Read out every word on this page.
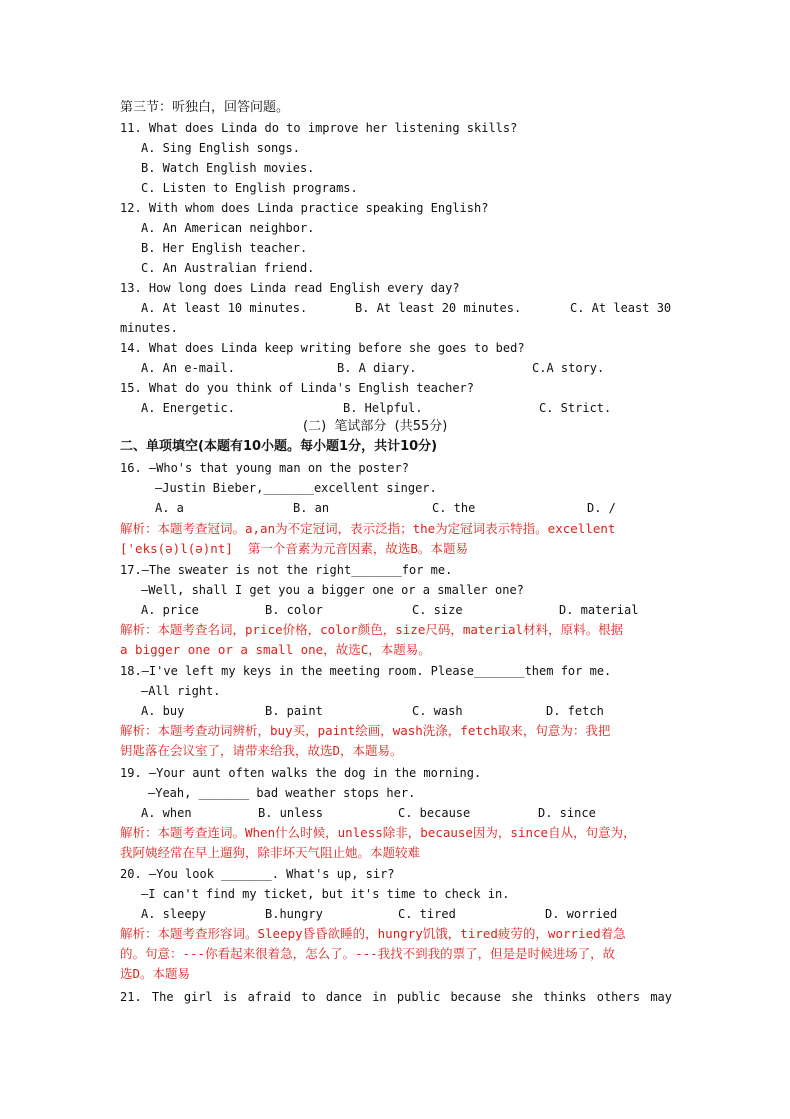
第三节：听独白，回答问题。
11. What does Linda do to improve her listening skills?
A. Sing English songs.
B. Watch English movies.
C. Listen to English programs.
12. With whom does Linda practice speaking English?
A. An American neighbor.
B. Her English teacher.
C. An Australian friend.
13. How long does Linda read English every day?
A. At least 10 minutes.	B. At least 20 minutes.	C. At least 30
minutes.
14. What does Linda keep writing before she goes to bed?
A. An e-mail.	B. A diary.	C.A story.
15. What do you think of Linda's English teacher?
A. Energetic.	B. Helpful.	C. Strict.
(二)  笔试部分  (共55分)
二、单项填空(本题有10小题。每小题1分，共计10分)
16. —Who's that young man on the poster?
—Justin Bieber,_______excellent singer.
A. a	B. an	C. the	D. /
解析：本题考查冠词。a,an为不定冠词，表示泛指；the为定冠词表示特指。excellent
['eks(ə)l(ə)nt]  第一个音素为元音因素，故选B。本题易
17.—The sweater is not the right_______for me.
—Well, shall I get you a bigger one or a smaller one?
A. price	B. color	C. size	D. material
解析：本题考查名词，price价格，color颜色，size尺码，material材料，原料。根据
a bigger one or a small one，故选C，本题易。
18.—I've left my keys in the meeting room. Please_______them for me.
—All right.
A. buy	B. paint	C. wash	D. fetch
解析：本题考查动词辨析，buy买，paint绘画，wash洗涤，fetch取来，句意为：我把
钥匙落在会议室了，请带来给我，故选D，本题易。
19. —Your aunt often walks the dog in the morning.
—Yeah, _______ bad weather stops her.
A. when	B. unless	C. because	D. since
解析：本题考查连词。When什么时候，unless除非，because因为，since自从，句意为，
我阿姨经常在早上遛狗，除非坏天气阻止她。本题较难
20. —You look _______. What's up, sir?
—I can't find my ticket, but it's time to check in.
A. sleepy	B.hungry	C. tired	D. worried
解析：本题考查形容词。Sleepy昏昏欲睡的，hungry饥饿，tired疲劳的，worried着急
的。句意：---你看起来很着急，怎么了。---我找不到我的票了，但是是时候进场了，故
选D。本题易
21. The girl is afraid to dance in public because she thinks others may
